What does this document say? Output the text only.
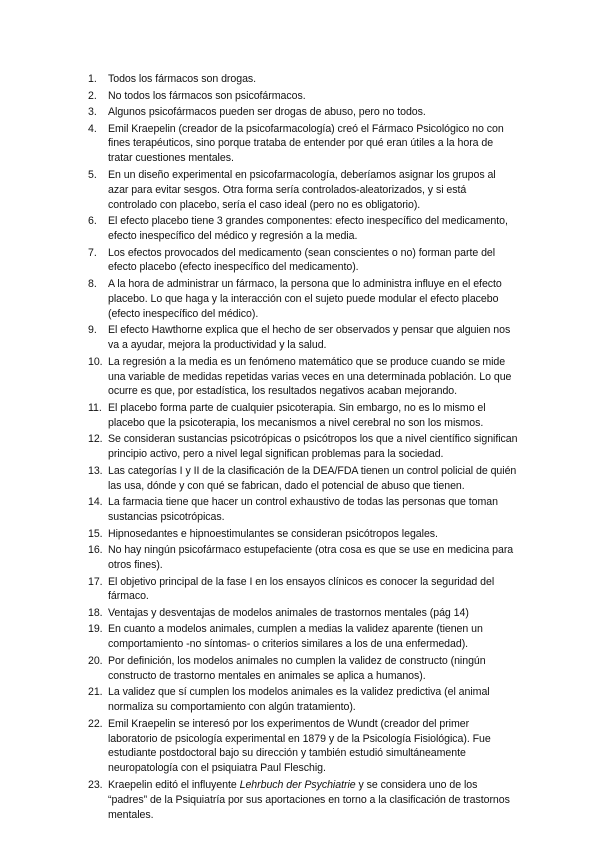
1.	Todos los fármacos son drogas.
2.	No todos los fármacos son psicofármacos.
3.	Algunos psicofármacos pueden ser drogas de abuso, pero no todos.
4.	Emil Kraepelin (creador de la psicofarmacología) creó el Fármaco Psicológico no con fines terapéuticos, sino porque trataba de entender por qué eran útiles a la hora de tratar cuestiones mentales.
5.	En un diseño experimental en psicofarmacología, deberíamos asignar los grupos al azar para evitar sesgos. Otra forma sería controlados-aleatorizados, y si está controlado con placebo, sería el caso ideal (pero no es obligatorio).
6.	El efecto placebo tiene 3 grandes componentes: efecto inespecífico del medicamento, efecto inespecífico del médico y regresión a la media.
7.	Los efectos provocados del medicamento (sean conscientes o no) forman parte del efecto placebo (efecto inespecífico del medicamento).
8.	A la hora de administrar un fármaco, la persona que lo administra influye en el efecto placebo. Lo que haga y la interacción con el sujeto puede modular el efecto placebo (efecto inespecífico del médico).
9.	El efecto Hawthorne explica que el hecho de ser observados y pensar que alguien nos va a ayudar, mejora la productividad y la salud.
10. La regresión a la media es un fenómeno matemático que se produce cuando se mide una variable de medidas repetidas varias veces en una determinada población. Lo que ocurre es que, por estadística, los resultados negativos acaban mejorando.
11. El placebo forma parte de cualquier psicoterapia. Sin embargo, no es lo mismo el placebo que la psicoterapia, los mecanismos a nivel cerebral no son los mismos.
12. Se consideran sustancias psicotrópicas o psicótropos los que a nivel científico significan principio activo, pero a nivel legal significan problemas para la sociedad.
13. Las categorías I y II de la clasificación de la DEA/FDA tienen un control policial de quién las usa, dónde y con qué se fabrican, dado el potencial de abuso que tienen.
14. La farmacia tiene que hacer un control exhaustivo de todas las personas que toman sustancias psicotrópicas.
15. Hipnosedantes e hipnoestimulantes se consideran psicótropos legales.
16. No hay ningún psicofármaco estupefaciente (otra cosa es que se use en medicina para otros fines).
17. El objetivo principal de la fase I en los ensayos clínicos es conocer la seguridad del fármaco.
18. Ventajas y desventajas de modelos animales de trastornos mentales (pág 14)
19. En cuanto a modelos animales, cumplen a medias la validez aparente (tienen un comportamiento -no síntomas- o criterios similares a los de una enfermedad).
20. Por definición, los modelos animales no cumplen la validez de constructo (ningún constructo de trastorno mentales en animales se aplica a humanos).
21. La validez que sí cumplen los modelos animales es la validez predictiva (el animal normaliza su comportamiento con algún tratamiento).
22. Emil Kraepelin se interesó por los experimentos de Wundt (creador del primer laboratorio de psicología experimental en 1879 y de la Psicología Fisiológica). Fue estudiante postdoctoral bajo su dirección y también estudió simultáneamente neuropatología con el psiquiatra Paul Fleschig.
23. Kraepelin editó el influyente Lehrbuch der Psychiatrie y se considera uno de los “padres” de la Psiquiatría por sus aportaciones en torno a la clasificación de trastornos mentales.
